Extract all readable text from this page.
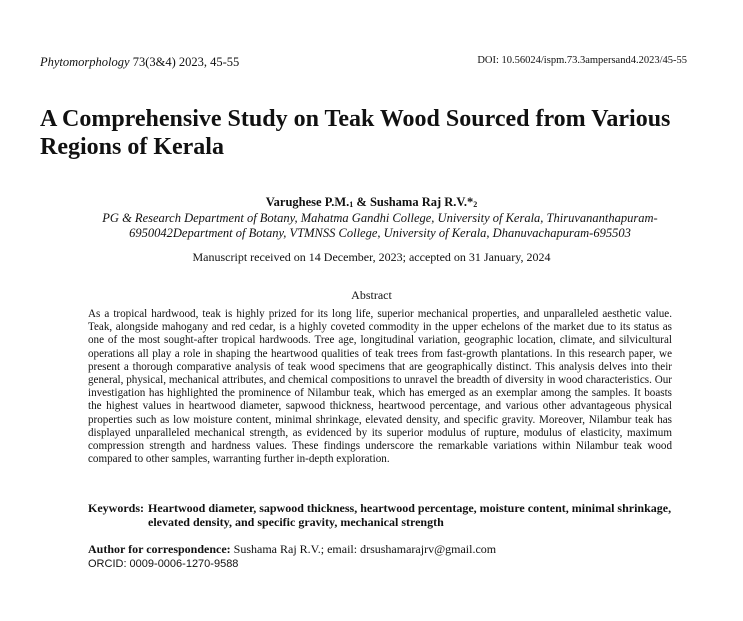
Phytomorphology 73(3&4) 2023, 45-55	DOI: 10.56024/ispm.73.3ampersand4.2023/45-55
A Comprehensive Study on Teak Wood Sourced from Various Regions of Kerala
Varughese $P.M._1$ & Sushama Raj $R.V.*_2$
PG & Research Department of Botany, Mahatma Gandhi College, University of Kerala, Thiruvananthapuram-6950042Department of Botany, VTMNSS College, University of Kerala, Dhanuvachapuram-695503
Manuscript received on 14 December, 2023; accepted on 31 January, 2024
Abstract
As a tropical hardwood, teak is highly prized for its long life, superior mechanical properties, and unparalleled aesthetic value. Teak, alongside mahogany and red cedar, is a highly coveted commodity in the upper echelons of the market due to its status as one of the most sought-after tropical hardwoods. Tree age, longitudinal variation, geographic location, climate, and silvicultural operations all play a role in shaping the heartwood qualities of teak trees from fast-growth plantations. In this research paper, we present a thorough comparative analysis of teak wood specimens that are geographically distinct. This analysis delves into their general, physical, mechanical attributes, and chemical compositions to unravel the breadth of diversity in wood characteristics. Our investigation has highlighted the prominence of Nilambur teak, which has emerged as an exemplar among the samples. It boasts the highest values in heartwood diameter, sapwood thickness, heartwood percentage, and various other advantageous physical properties such as low moisture content, minimal shrinkage, elevated density, and specific gravity. Moreover, Nilambur teak has displayed unparalleled mechanical strength, as evidenced by its superior modulus of rupture, modulus of elasticity, maximum compression strength and hardness values. These findings underscore the remarkable variations within Nilambur teak wood compared to other samples, warranting further in-depth exploration.
Keywords: Heartwood diameter, sapwood thickness, heartwood percentage, moisture content, minimal shrinkage, elevated density, and specific gravity, mechanical strength
Author for correspondence: Sushama Raj R.V.; email: drsushamarajrv@gmail.com
ORCID: 0009-0006-1270-9588
